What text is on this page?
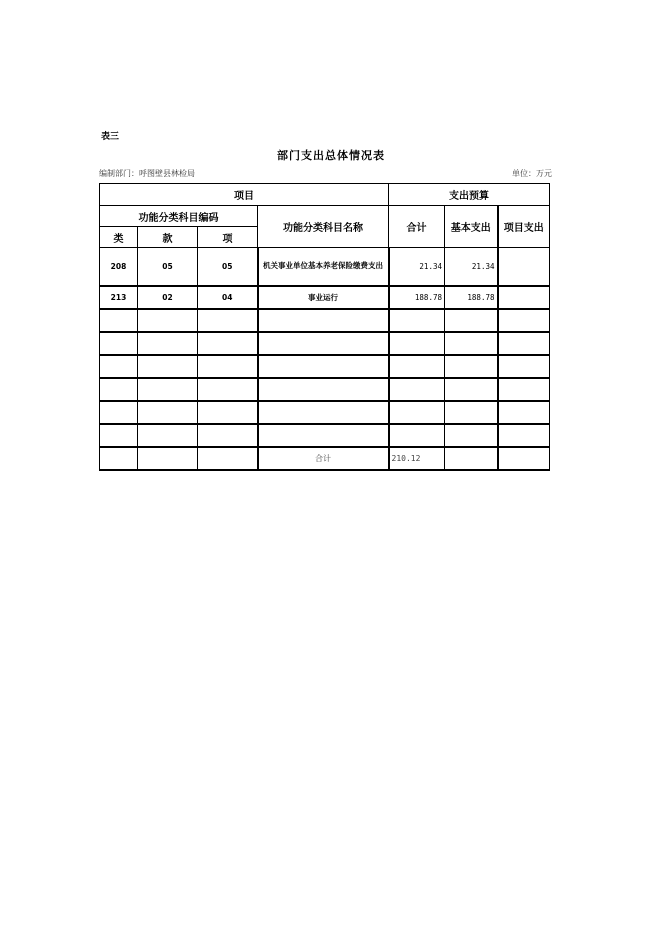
表三
部门支出总体情况表
编制部门：呼图壁县林检局	单位：万元
项目				支出预算		
功能分类科目编码			功能分类科目名称	合计	基本支出	项目支出
类	款	项				
208	05	05	机关事业单位基本养老保险缴费支出	21.34	21.34	
213	02	04	事业运行	188.78	188.78	

			合计	210.12		
